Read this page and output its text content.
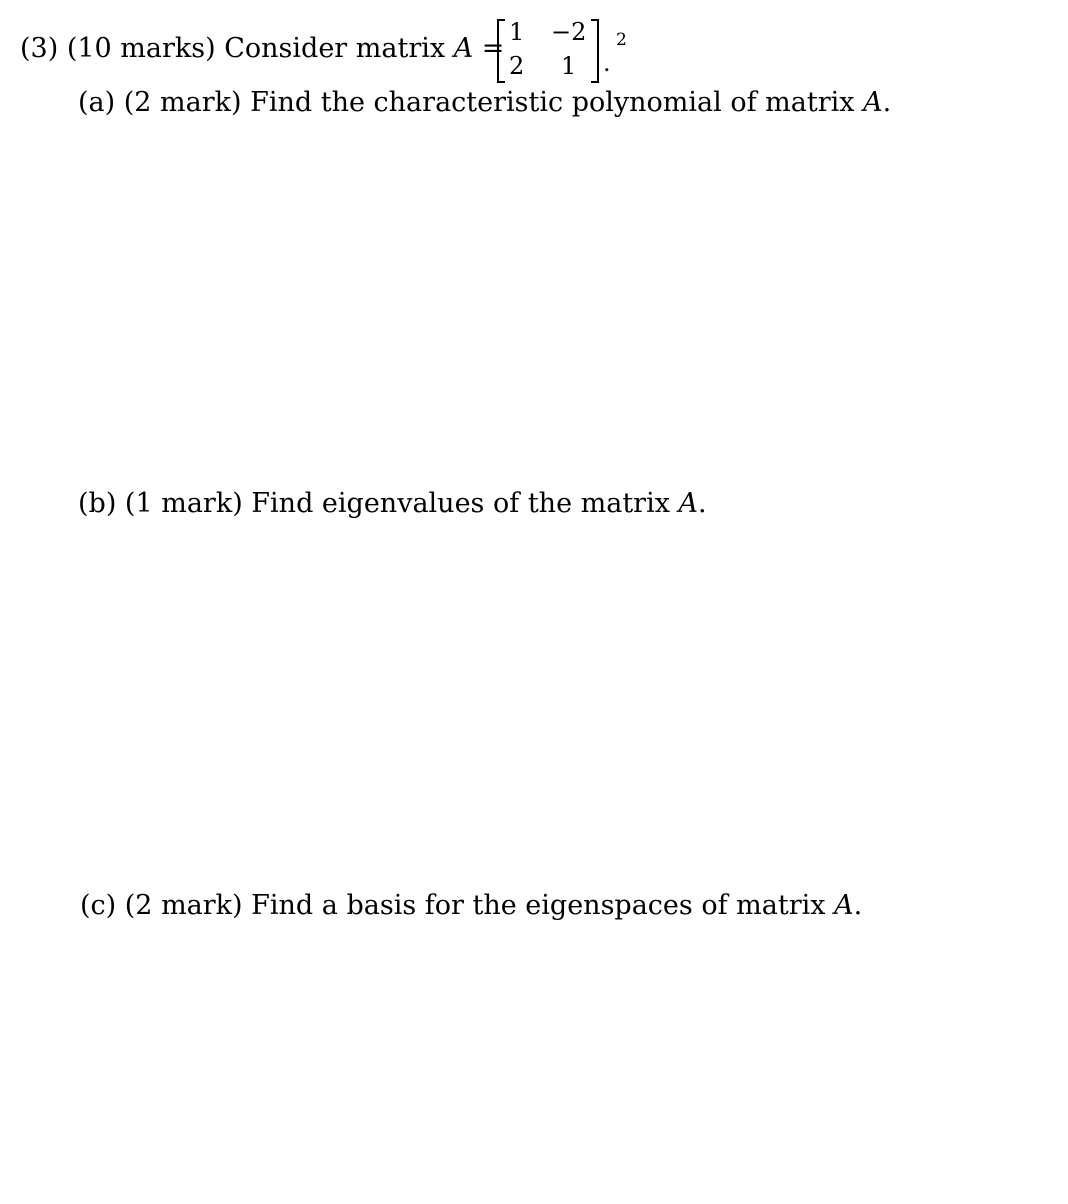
(3) (10 marks) Consider matrix A =
1 −2
2 1 .
2
(a) (2 mark) Find the characteristic polynomial of matrix A.
(b) (1 mark) Find eigenvalues of the matrix A.
(c) (2 mark) Find a basis for the eigenspaces of matrix A.
